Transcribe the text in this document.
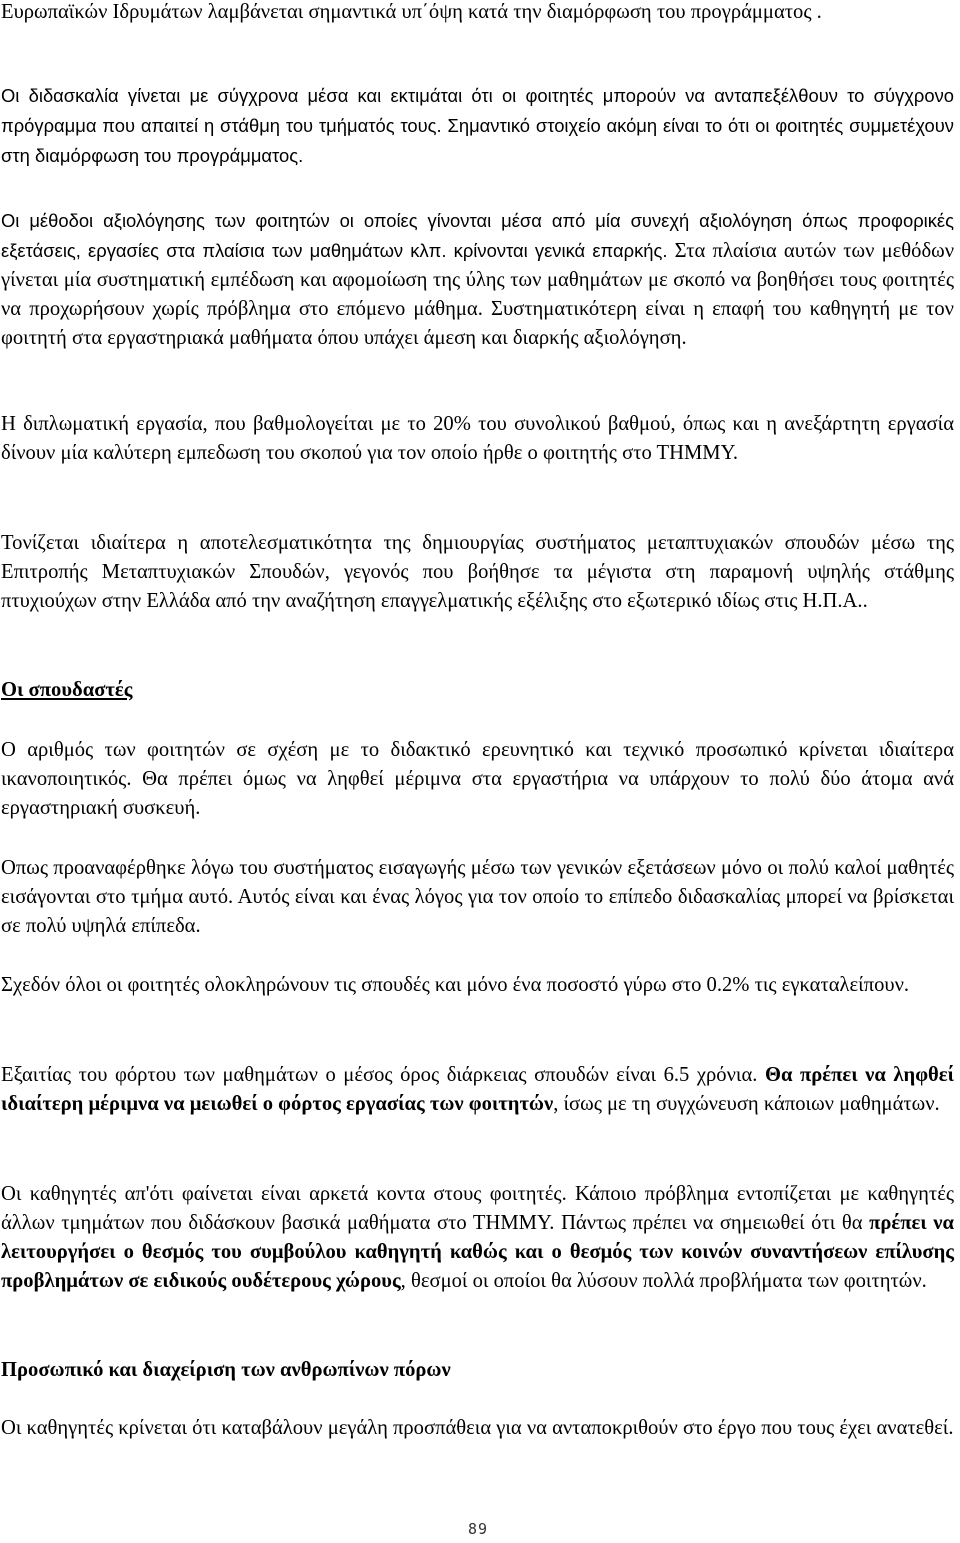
Ευρωπαϊκών Ιδρυμάτων λαμβάνεται σημαντικά υπ΄όψη κατά την διαμόρφωση του προγράμματος .

Οι διδασκαλία γίνεται με σύγχρονα μέσα και εκτιμάται ότι οι φοιτητές μπορούν να ανταπεξέλθουν το σύγχρονο πρόγραμμα που απαιτεί η στάθμη του τμήματός τους. Σημαντικό στοιχείο ακόμη είναι το ότι οι φοιτητές συμμετέχουν στη διαμόρφωση του προγράμματος.

Οι μέθοδοι αξιολόγησης των φοιτητών οι οποίες γίνονται μέσα από μία συνεχή αξιολόγηση όπως προφορικές εξετάσεις, εργασίες στα πλαίσια των μαθημάτων κλπ. κρίνονται γενικά επαρκής. Στα πλαίσια αυτών των μεθόδων γίνεται μία συστηματική εμπέδωση και αφομοίωση της ύλης των μαθημάτων με σκοπό να βοηθήσει τους φοιτητές να προχωρήσουν χωρίς πρόβλημα στο επόμενο μάθημα. Συστηματικότερη είναι η επαφή του καθηγητή με τον φοιτητή στα εργαστηριακά μαθήματα όπου υπάχει άμεση και διαρκής αξιολόγηση.

Η διπλωματική εργασία, που βαθμολογείται με το 20% του συνολικού βαθμού, όπως και η ανεξάρτητη εργασία δίνουν μία καλύτερη εμπεδωση του σκοπού για τον οποίο ήρθε ο φοιτητής στο ΤΗΜΜΥ.

Τονίζεται ιδιαίτερα η αποτελεσματικότητα της δημιουργίας συστήματος μεταπτυχιακών σπουδών μέσω της Επιτροπής Μεταπτυχιακών Σπουδών, γεγονός που βοήθησε τα μέγιστα στη παραμονή υψηλής στάθμης πτυχιούχων στην Ελλάδα από την αναζήτηση επαγγελματικής εξέλιξης στο εξωτερικό ιδίως στις Η.Π.Α..

Οι σπουδαστές

Ο αριθμός των φοιτητών σε σχέση με το διδακτικό ερευνητικό και τεχνικό προσωπικό κρίνεται ιδιαίτερα ικανοποιητικός. Θα πρέπει όμως να ληφθεί μέριμνα στα εργαστήρια να υπάρχουν το πολύ δύο άτομα ανά εργαστηριακή συσκευή.

Οπως προαναφέρθηκε λόγω του συστήματος εισαγωγής μέσω των γενικών εξετάσεων μόνο οι πολύ καλοί μαθητές εισάγονται στο τμήμα αυτό. Αυτός είναι και ένας λόγος για τον οποίο το επίπεδο διδασκαλίας μπορεί να βρίσκεται σε πολύ υψηλά επίπεδα.

Σχεδόν όλοι οι φοιτητές ολοκληρώνουν τις σπουδές και μόνο ένα ποσοστό γύρω στο 0.2% τις εγκαταλείπουν.

Εξαιτίας του φόρτου των μαθημάτων ο μέσος όρος διάρκειας σπουδών είναι 6.5 χρόνια. Θα πρέπει να ληφθεί ιδιαίτερη μέριμνα να μειωθεί ο φόρτος εργασίας των φοιτητών, ίσως με τη συγχώνευση κάποιων μαθημάτων.

Οι καθηγητές απ'ότι φαίνεται είναι αρκετά κοντα στους φοιτητές. Κάποιο πρόβλημα εντοπίζεται με καθηγητές άλλων τμημάτων που διδάσκουν βασικά μαθήματα στο ΤΗΜΜΥ. Πάντως πρέπει να σημειωθεί ότι θα πρέπει να λειτουργήσει ο θεσμός του συμβούλου καθηγητή καθώς και ο θεσμός των κοινών συναντήσεων επίλυσης προβλημάτων σε ειδικούς ουδέτερους χώρους, θεσμοί οι οποίοι θα λύσουν πολλά προβλήματα των φοιτητών.

Προσωπικό και διαχείριση των ανθρωπίνων πόρων

Οι καθηγητές κρίνεται ότι καταβάλουν μεγάλη προσπάθεια για να ανταποκριθούν στο έργο που τους έχει ανατεθεί.

89
